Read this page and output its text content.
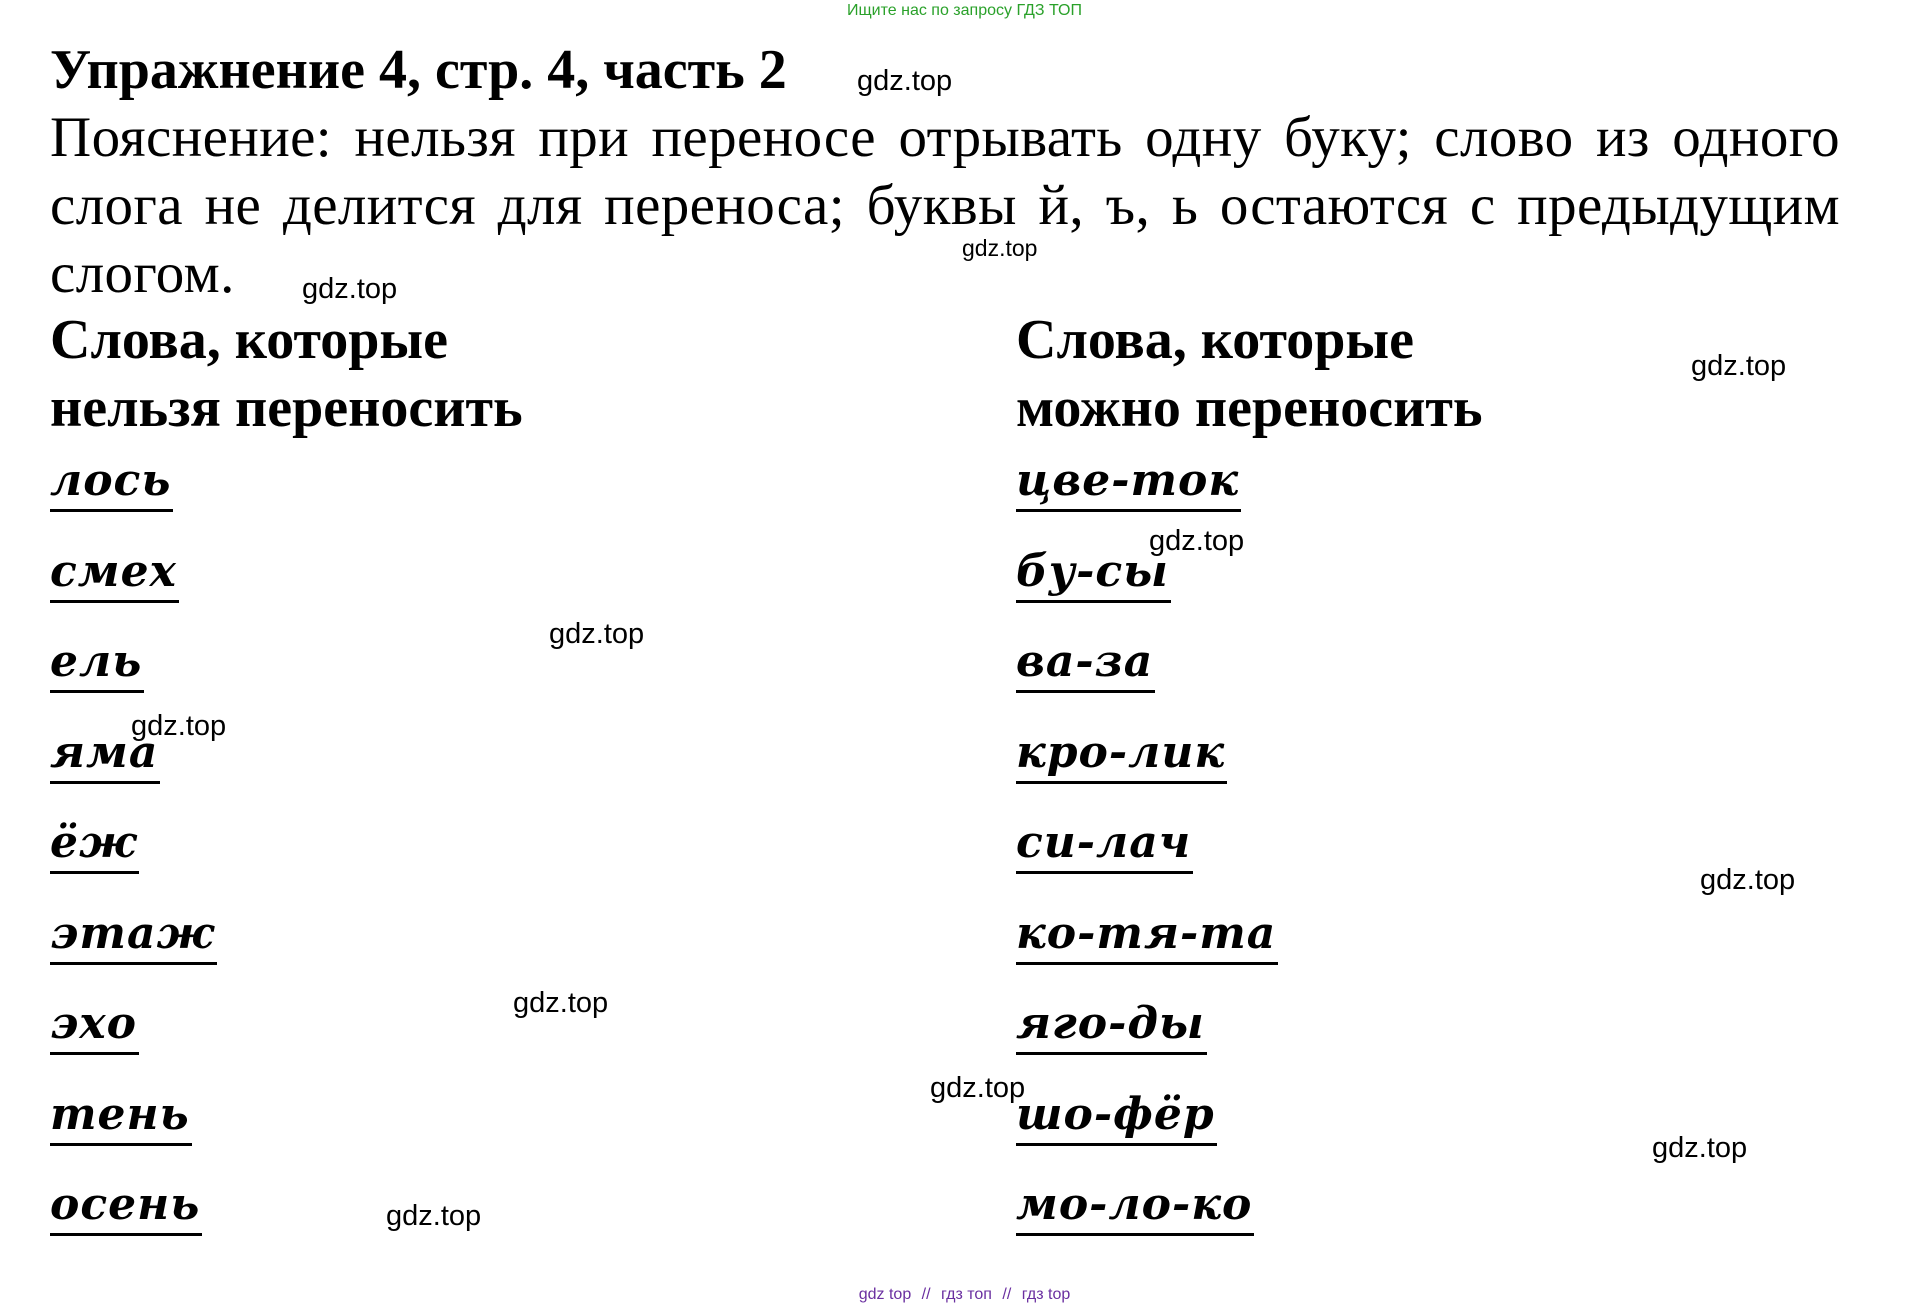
Ищите нас по запросу ГДЗ ТОП
Упражнение 4, стр. 4, часть 2
Пояснение: нельзя при переносе отрывать одну буку; слово из одного слога не делится для переноса; буквы й, ъ, ь остаются с предыдущим слогом.
Слова, которые
нельзя переносить
Слова, которые
можно переносить
лось
смех
ель
яма
ёж
этаж
эхо
тень
осень
цве-ток
бу-сы
ва-за
кро-лик
си-лач
ко-тя-та
яго-ды
шо-фёр
мо-ло-ко
gdz.top
gdz.top
gdz.top
gdz.top
gdz.top
gdz.top
gdz.top
gdz.top
gdz.top
gdz.top
gdz.top
gdz.top
gdz top // гдз топ // гдз top
